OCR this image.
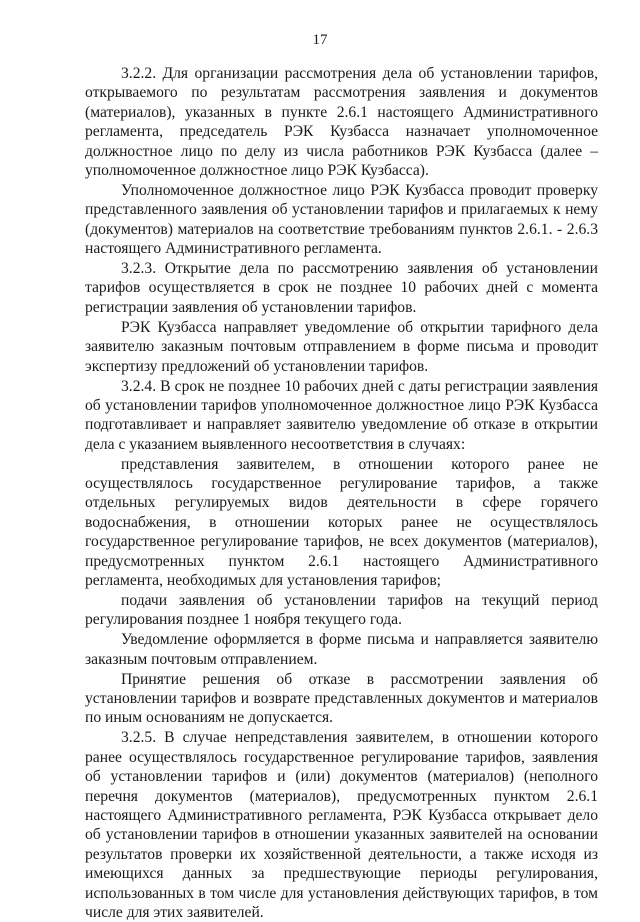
17

3.2.2. Для организации рассмотрения дела об установлении тарифов, открываемого по результатам рассмотрения заявления и документов (материалов), указанных в пункте 2.6.1 настоящего Административного регламента, председатель РЭК Кузбасса назначает уполномоченное должностное лицо по делу из числа работников РЭК Кузбасса (далее – уполномоченное должностное лицо РЭК Кузбасса).

Уполномоченное должностное лицо РЭК Кузбасса проводит проверку представленного заявления об установлении тарифов и прилагаемых к нему (документов) материалов на соответствие требованиям пунктов 2.6.1. - 2.6.3 настоящего Административного регламента.

3.2.3. Открытие дела по рассмотрению заявления об установлении тарифов осуществляется в срок не позднее 10 рабочих дней с момента регистрации заявления об установлении тарифов.

РЭК Кузбасса направляет уведомление об открытии тарифного дела заявителю заказным почтовым отправлением в форме письма и проводит экспертизу предложений об установлении тарифов.

3.2.4. В срок не позднее 10 рабочих дней с даты регистрации заявления об установлении тарифов уполномоченное должностное лицо РЭК Кузбасса подготавливает и направляет заявителю уведомление об отказе в открытии дела с указанием выявленного несоответствия в случаях:

представления заявителем, в отношении которого ранее не осуществлялось государственное регулирование тарифов, а также отдельных регулируемых видов деятельности в сфере горячего водоснабжения, в отношении которых ранее не осуществлялось государственное регулирование тарифов, не всех документов (материалов), предусмотренных пунктом 2.6.1 настоящего Административного регламента, необходимых для установления тарифов;

подачи заявления об установлении тарифов на текущий период регулирования позднее 1 ноября текущего года.

Уведомление оформляется в форме письма и направляется заявителю заказным почтовым отправлением.

Принятие решения об отказе в рассмотрении заявления об установлении тарифов и возврате представленных документов и материалов по иным основаниям не допускается.

3.2.5. В случае непредставления заявителем, в отношении которого ранее осуществлялось государственное регулирование тарифов, заявления об установлении тарифов и (или) документов (материалов) (неполного перечня документов (материалов), предусмотренных пунктом 2.6.1 настоящего Административного регламента, РЭК Кузбасса открывает дело об установлении тарифов в отношении указанных заявителей на основании результатов проверки их хозяйственной деятельности, а также исходя из имеющихся данных за предшествующие периоды регулирования, использованных в том числе для установления действующих тарифов, в том числе для этих заявителей.
